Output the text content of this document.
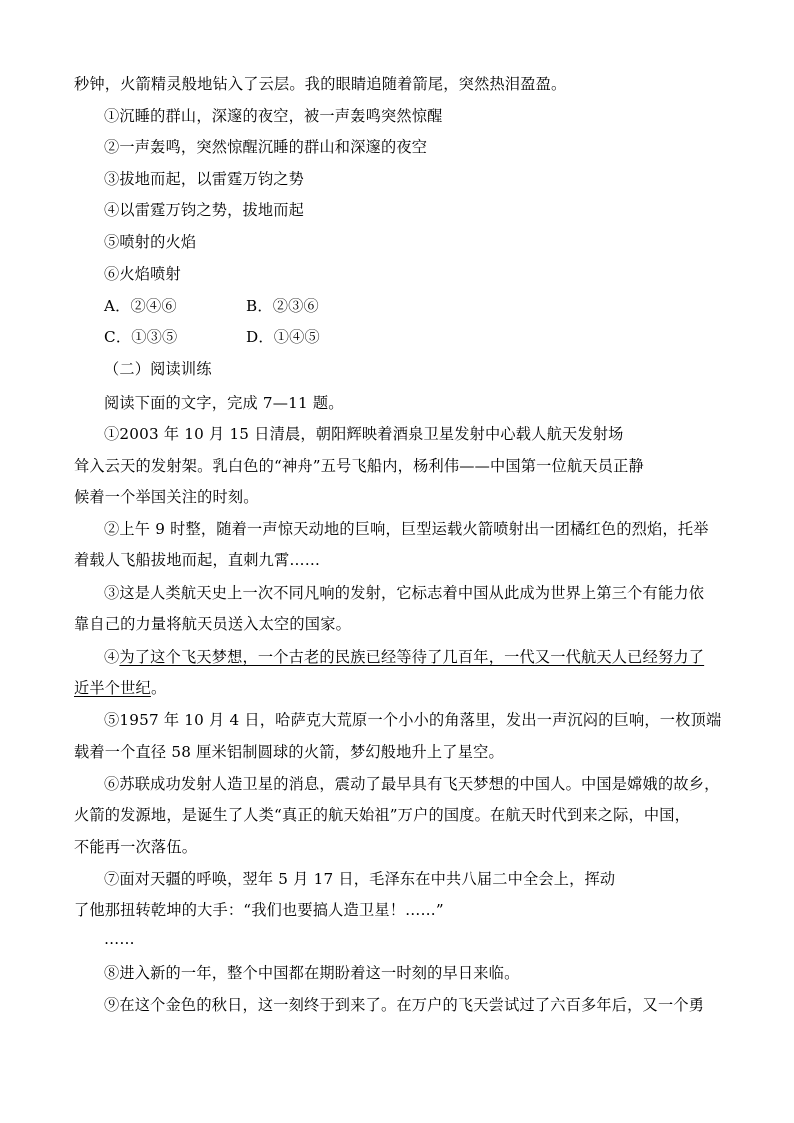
秒钟，火箭精灵般地钻入了云层。我的眼睛追随着箭尾，突然热泪盈盈。
①沉睡的群山，深邃的夜空，被一声轰鸣突然惊醒
②一声轰鸣，突然惊醒沉睡的群山和深邃的夜空
③拔地而起，以雷霆万钧之势
④以雷霆万钧之势，拔地而起
⑤喷射的火焰
⑥火焰喷射
A．②④⑥	B．②③⑥
C．①③⑤	D．①④⑤
（二）阅读训练
阅读下面的文字，完成 7—11 题。
①2003 年 10 月 15 日清晨，朝阳辉映着酒泉卫星发射中心载人航天发射场
耸入云天的发射架。乳白色的“神舟”五号飞船内，杨利伟——中国第一位航天员正静
候着一个举国关注的时刻。
②上午 9 时整，随着一声惊天动地的巨响，巨型运载火箭喷射出一团橘红色的烈焰，托举
着载人飞船拔地而起，直刺九霄……
③这是人类航天史上一次不同凡响的发射，它标志着中国从此成为世界上第三个有能力依
靠自己的力量将航天员送入太空的国家。
④为了这个飞天梦想，一个古老的民族已经等待了几百年，一代又一代航天人已经努力了
近半个世纪。
⑤1957 年 10 月 4 日，哈萨克大荒原一个小小的角落里，发出一声沉闷的巨响，一枚顶端
载着一个直径 58 厘米铝制圆球的火箭，梦幻般地升上了星空。
⑥苏联成功发射人造卫星的消息，震动了最早具有飞天梦想的中国人。中国是嫦娥的故乡，
火箭的发源地，是诞生了人类“真正的航天始祖”万户的国度。在航天时代到来之际，中国，
不能再一次落伍。
⑦面对天疆的呼唤，翌年 5 月 17 日，毛泽东在中共八届二中全会上，挥动
了他那扭转乾坤的大手：“我们也要搞人造卫星！……”
……
⑧进入新的一年，整个中国都在期盼着这一时刻的早日来临。
⑨在这个金色的秋日，这一刻终于到来了。在万户的飞天尝试过了六百多年后，又一个勇
